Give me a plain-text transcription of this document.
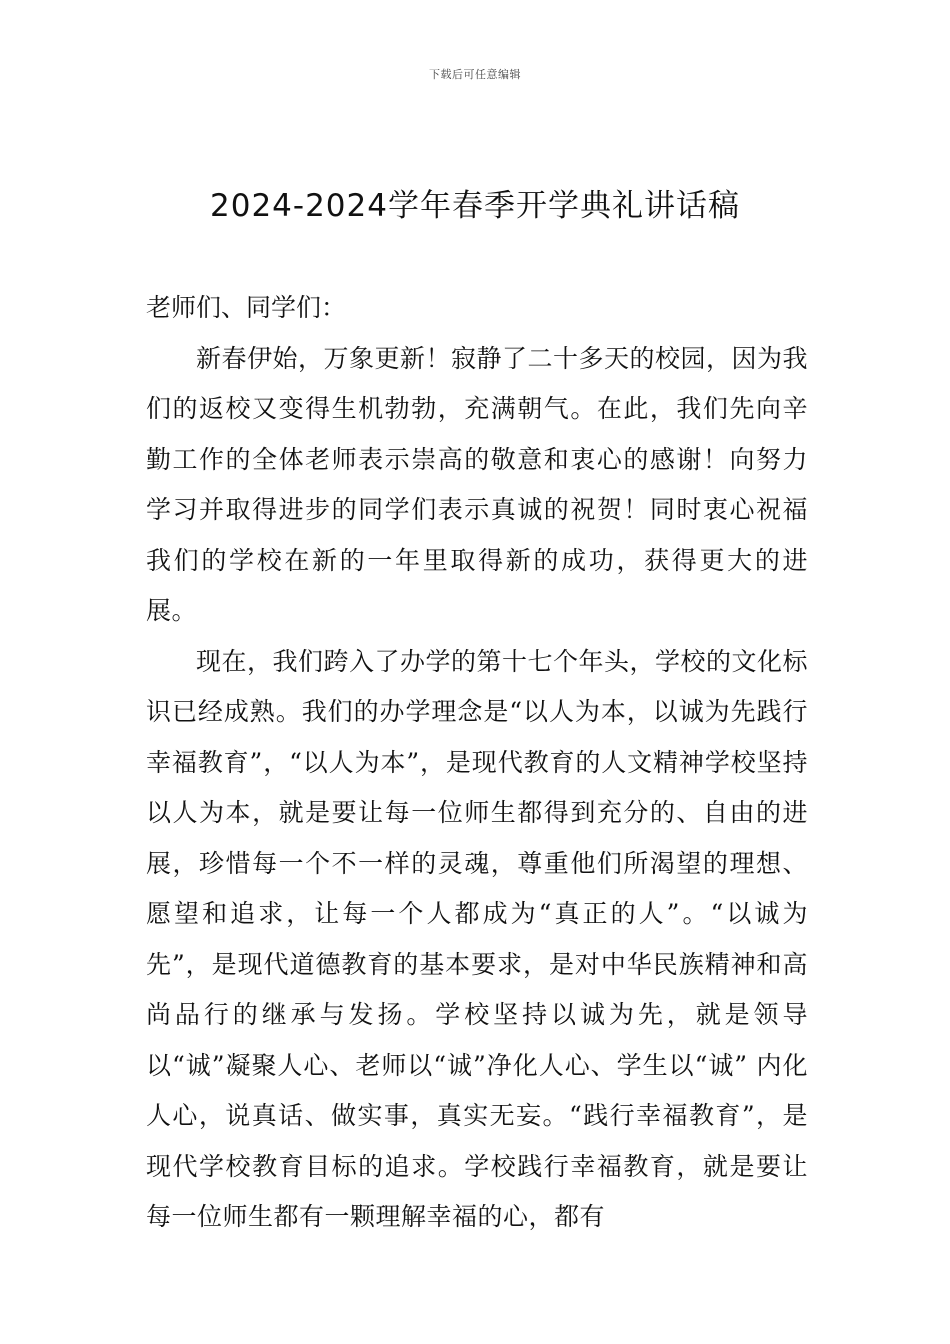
下载后可任意编辑
2024-2024学年春季开学典礼讲话稿

老师们、同学们：

新春伊始，万象更新！寂静了二十多天的校园，因为我们的返校又变得生机勃勃，充满朝气。在此，我们先向辛勤工作的全体老师表示崇高的敬意和衷心的感谢！向努力学习并取得进步的同学们表示真诚的祝贺！同时衷心祝福我们的学校在新的一年里取得新的成功，获得更大的进展。

现在，我们跨入了办学的第十七个年头，学校的文化标识已经成熟。我们的办学理念是“以人为本，以诚为先践行幸福教育”，“以人为本”，是现代教育的人文精神学校坚持以人为本，就是要让每一位师生都得到充分的、自由的进展，珍惜每一个不一样的灵魂，尊重他们所渴望的理想、愿望和追求，让每一个人都成为“真正的人”。“以诚为先”，是现代道德教育的基本要求，是对中华民族精神和高尚品行的继承与发扬。学校坚持以诚为先，就是领导以“诚”凝聚人心、老师以“诚”净化人心、学生以“诚” 内化人心，说真话、做实事，真实无妄。“践行幸福教育”，是现代学校教育目标的追求。学校践行幸福教育，就是要让每一位师生都有一颗理解幸福的心，都有
